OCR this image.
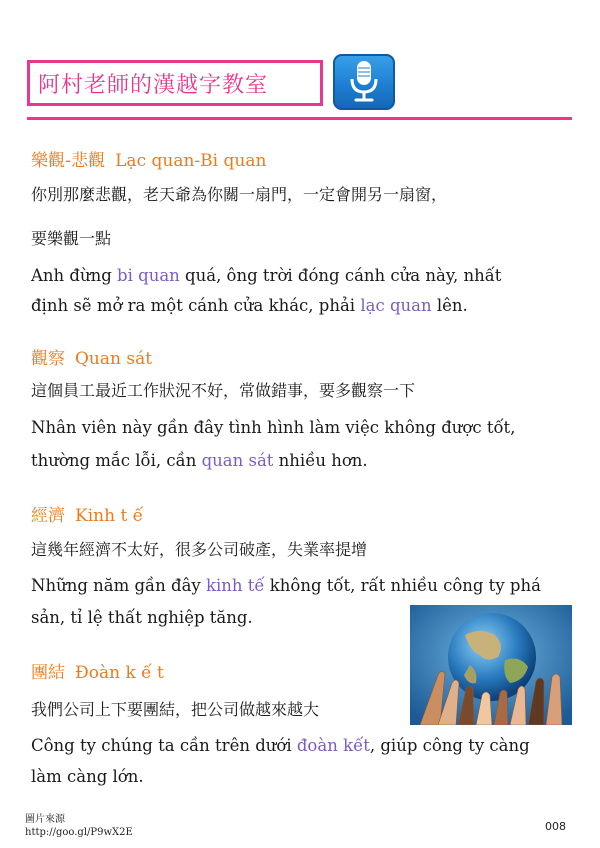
阿村老師的漢越字教室
樂觀-悲觀 Lạc quan-Bi quan
你別那麼悲觀，老天爺為你關一扇門，一定會開另一扇窗，
要樂觀一點
Anh đừng bi quan quá, ông trời đóng cánh cửa này, nhất
định sẽ mở ra một cánh cửa khác, phải lạc quan lên.
觀察 Quan sát
這個員工最近工作狀況不好，常做錯事，要多觀察一下
Nhân viên này gần đây tình hình làm việc không được tốt,
thường mắc lỗi, cần quan sát nhiều hơn.
經濟 Kinh t ế
這幾年經濟不太好，很多公司破產，失業率提增
Những năm gần đây kinh tế không tốt, rất nhiều công ty phá
sản, tỉ lệ thất nghiệp tăng.
團結 Đoàn k ế t
我們公司上下要團結，把公司做越來越大
Công ty chúng ta cần trên dưới đoàn kết, giúp công ty càng
làm càng lớn.
圖片來源
http://goo.gl/P9wX2E	008
